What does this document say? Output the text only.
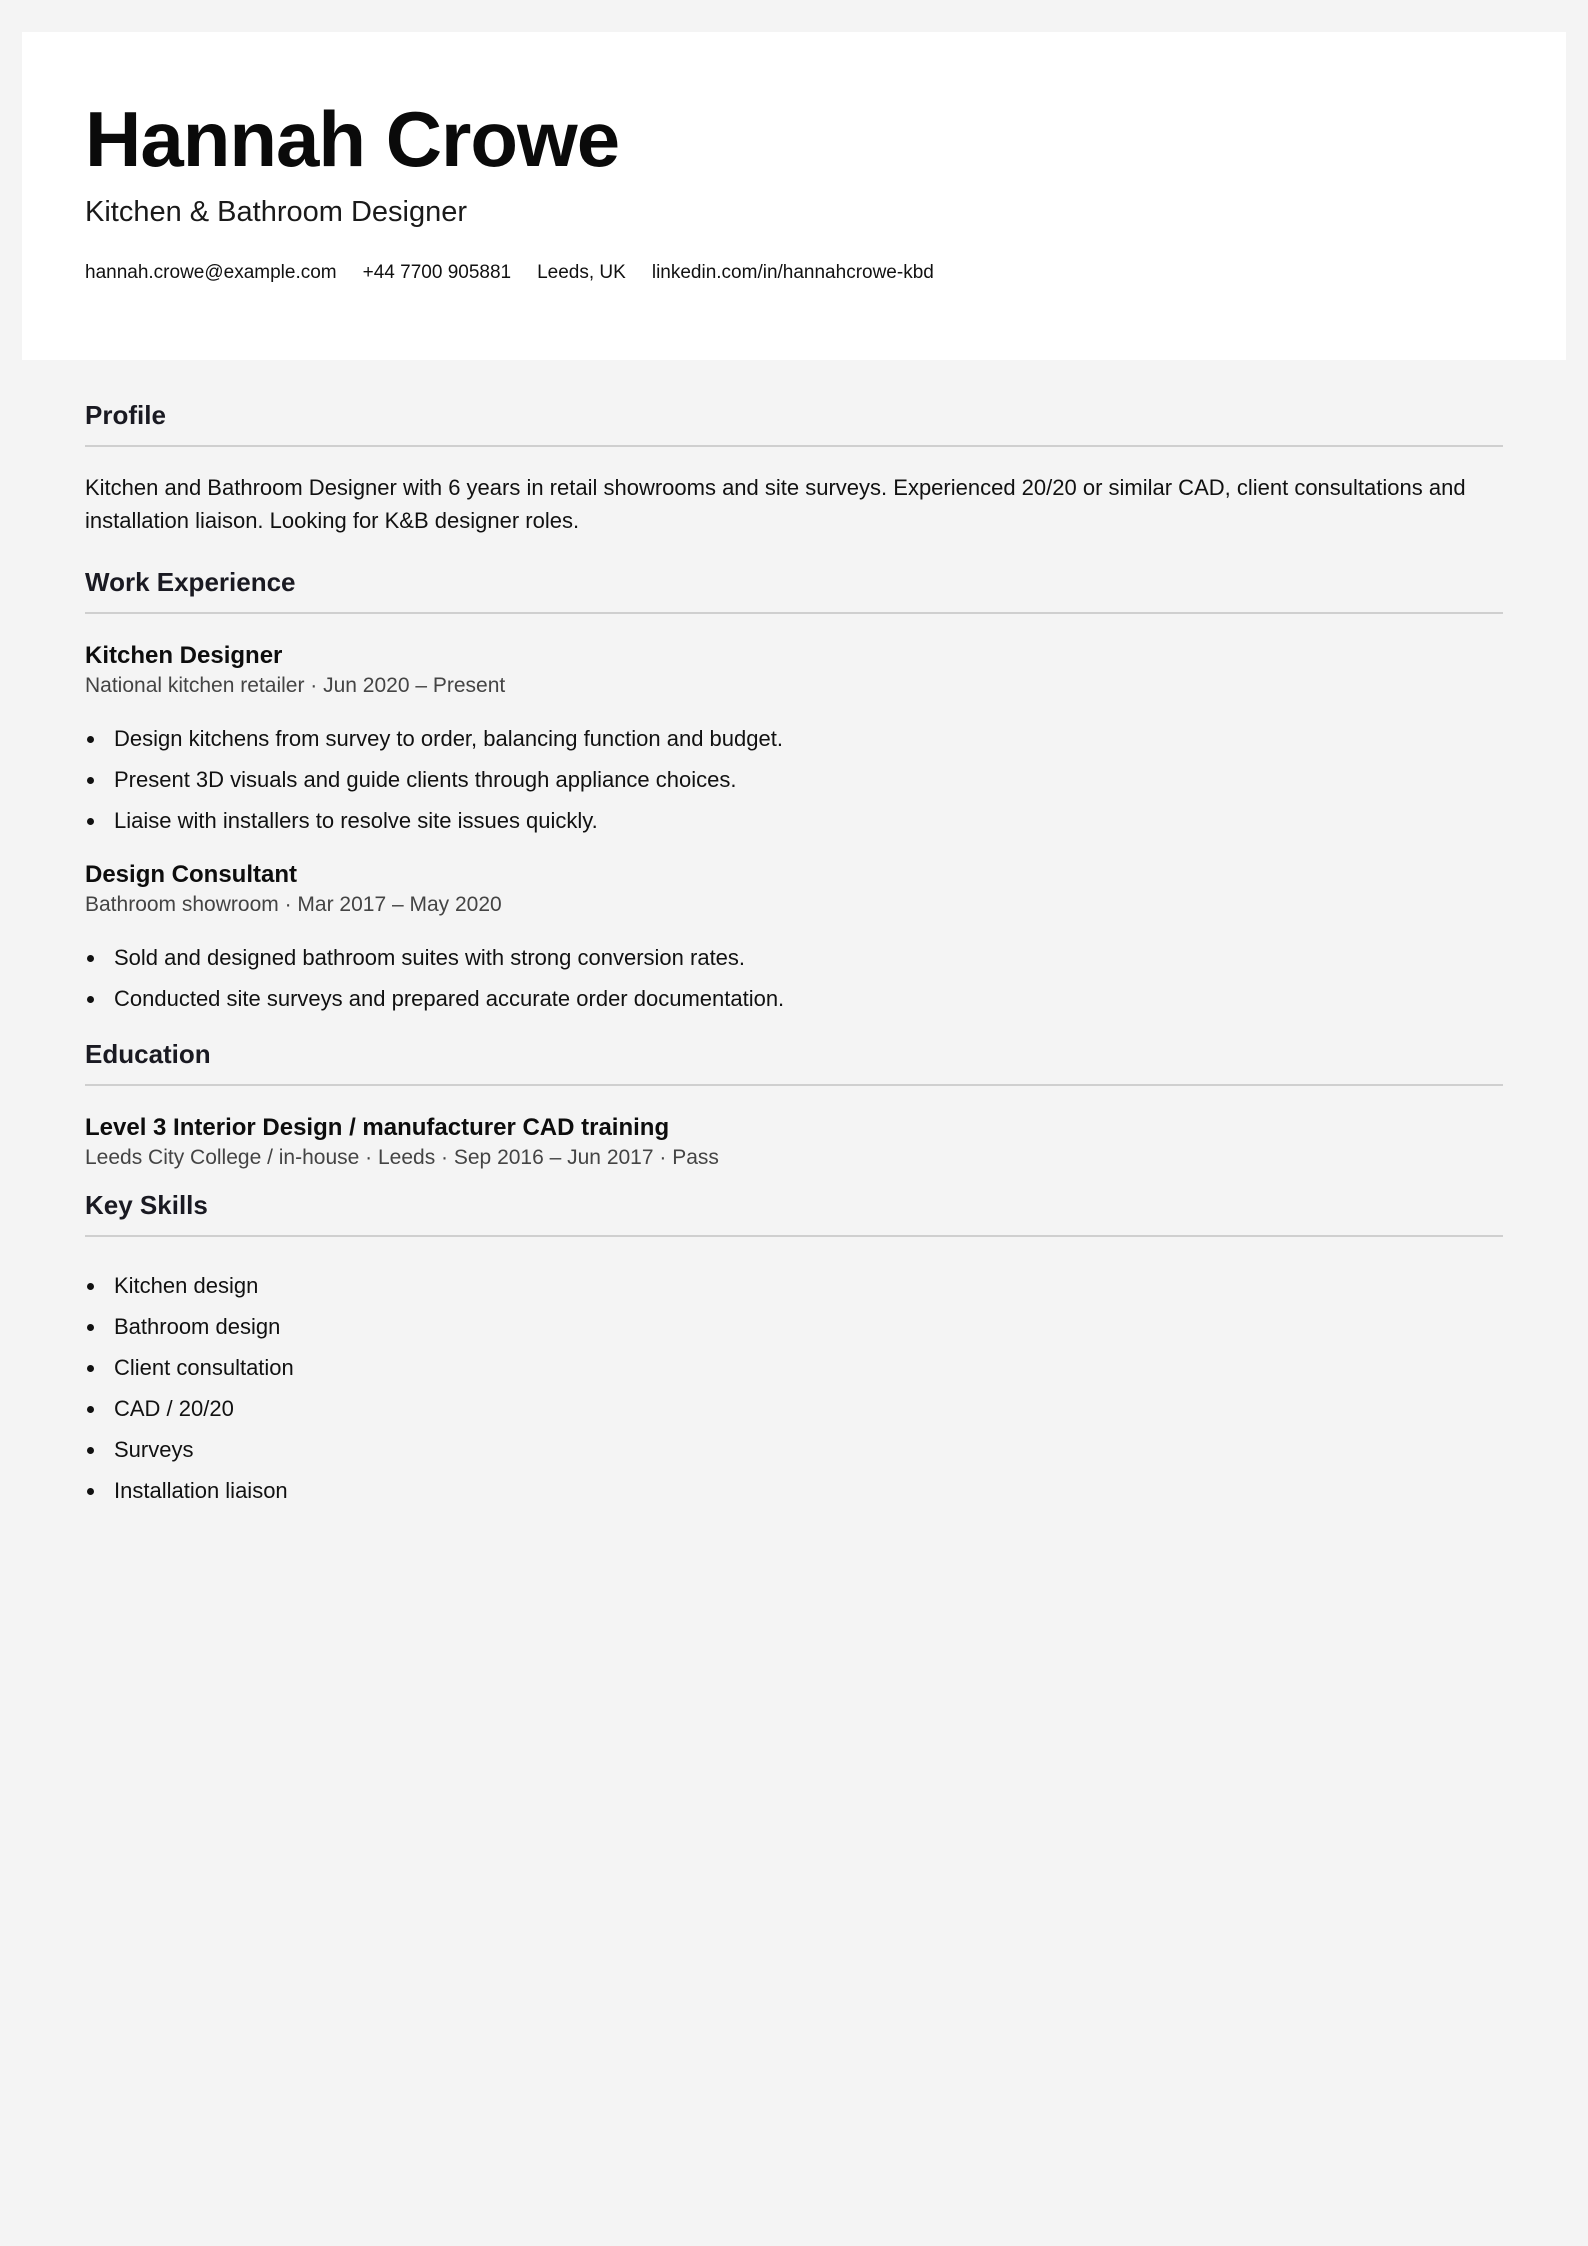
Hannah Crowe
Kitchen & Bathroom Designer
hannah.crowe@example.com +44 7700 905881 Leeds, UK linkedin.com/in/hannahcrowe-kbd
Profile

Kitchen and Bathroom Designer with 6 years in retail showrooms and site surveys. Experienced 20/20 or similar CAD, client consultations and installation liaison. Looking for K&B designer roles.

Work Experience
Kitchen Designer
National kitchen retailer · Jun 2020 – Present
Design kitchens from survey to order, balancing function and budget.
Present 3D visuals and guide clients through appliance choices.
Liaise with installers to resolve site issues quickly.
Design Consultant
Bathroom showroom · Mar 2017 – May 2020
Sold and designed bathroom suites with strong conversion rates.
Conducted site surveys and prepared accurate order documentation.
Education
Level 3 Interior Design / manufacturer CAD training
Leeds City College / in-house · Leeds · Sep 2016 – Jun 2017 · Pass
Key Skills
Kitchen design
Bathroom design
Client consultation
CAD / 20/20
Surveys
Installation liaison
